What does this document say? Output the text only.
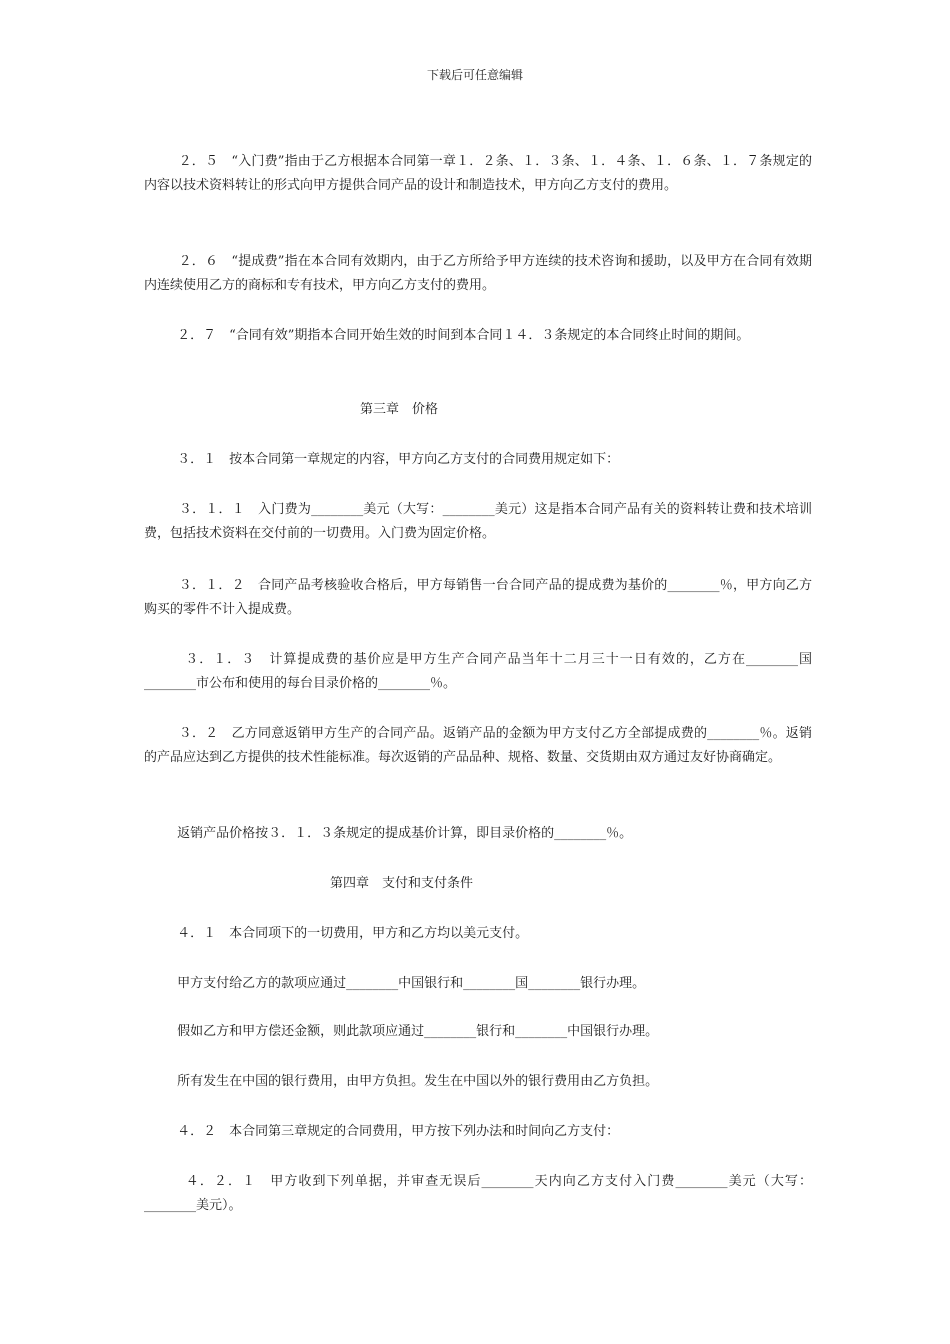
下载后可任意编辑
２．５　“入门费”指由于乙方根据本合同第一章１．２条、１．３条、１．４条、１．６条、１．７条规定的内容以技术资料转让的形式向甲方提供合同产品的设计和制造技术，甲方向乙方支付的费用。
２．６　“提成费”指在本合同有效期内，由于乙方所给予甲方连续的技术咨询和援助，以及甲方在合同有效期内连续使用乙方的商标和专有技术，甲方向乙方支付的费用。
２．７　“合同有效”期指本合同开始生效的时间到本合同１４．３条规定的本合同终止时间的期间。
第三章　价格
３．１　按本合同第一章规定的内容，甲方向乙方支付的合同费用规定如下：
３．１．１　入门费为________美元（大写：________美元）这是指本合同产品有关的资料转让费和技术培训费，包括技术资料在交付前的一切费用。入门费为固定价格。
３．１．２　合同产品考核验收合格后，甲方每销售一台合同产品的提成费为基价的________％，甲方向乙方购买的零件不计入提成费。
３．１．３　计算提成费的基价应是甲方生产合同产品当年十二月三十一日有效的，乙方在________国________市公布和使用的每台目录价格的________％。
３．２　乙方同意返销甲方生产的合同产品。返销产品的金额为甲方支付乙方全部提成费的________％。返销的产品应达到乙方提供的技术性能标准。每次返销的产品品种、规格、数量、交货期由双方通过友好协商确定。
返销产品价格按３．１．３条规定的提成基价计算，即目录价格的________％。
第四章　支付和支付条件
４．１　本合同项下的一切费用，甲方和乙方均以美元支付。
甲方支付给乙方的款项应通过________中国银行和________国________银行办理。
假如乙方和甲方偿还金额，则此款项应通过________银行和________中国银行办理。
所有发生在中国的银行费用，由甲方负担。发生在中国以外的银行费用由乙方负担。
４．２　本合同第三章规定的合同费用，甲方按下列办法和时间向乙方支付：
４．２．１　甲方收到下列单据，并审查无误后________天内向乙方支付入门费________美元（大写：________美元）。
